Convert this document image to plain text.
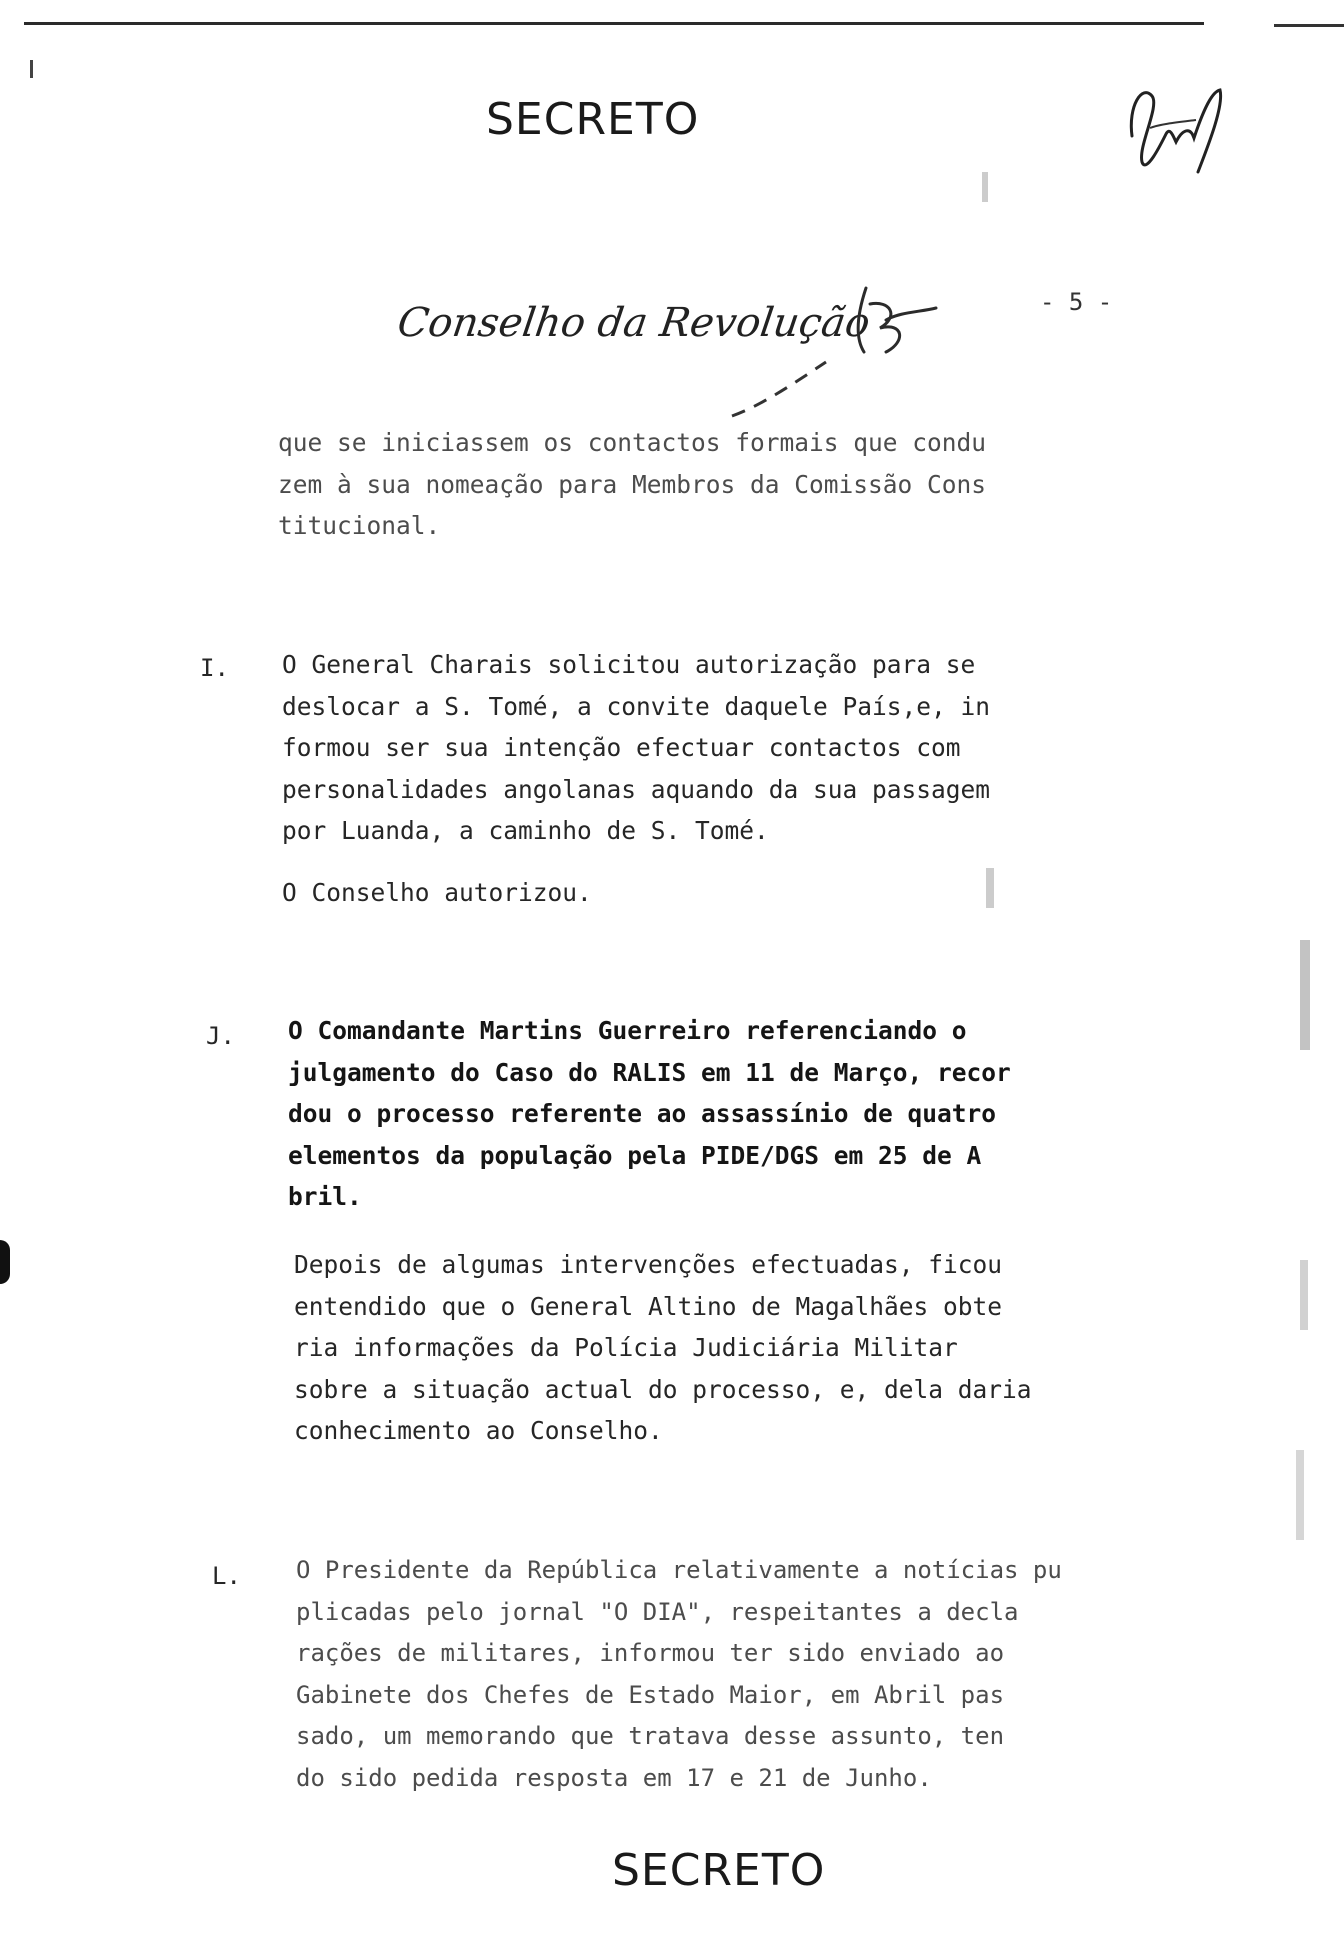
SECRETO
Conselho da Revolução	- 5 -
que se iniciassem os contactos formais que condu
zem à sua nomeação para Membros da Comissão Cons
titucional.
I. O General Charais solicitou autorização para se
deslocar a S. Tomé, a convite daquele País,e, in
formou ser sua intenção efectuar contactos com
personalidades angolanas aquando da sua passagem
por Luanda, a caminho de S. Tomé.
O Conselho autorizou.
J. O Comandante Martins Guerreiro referenciando o
julgamento do Caso do RALIS em 11 de Março, recor
dou o processo referente ao assassínio de quatro
elementos da população pela PIDE/DGS em 25 de A
bril.
Depois de algumas intervenções efectuadas, ficou
entendido que o General Altino de Magalhães obte
ria informações da Polícia Judiciária Militar
sobre a situação actual do processo, e, dela daria
conhecimento ao Conselho.
L. O Presidente da República relativamente a notícias pu
plicadas pelo jornal "O DIA", respeitantes a decla
rações de militares, informou ter sido enviado ao
Gabinete dos Chefes de Estado Maior, em Abril pas
sado, um memorando que tratava desse assunto, ten
do sido pedida resposta em 17 e 21 de Junho.
SECRETO
